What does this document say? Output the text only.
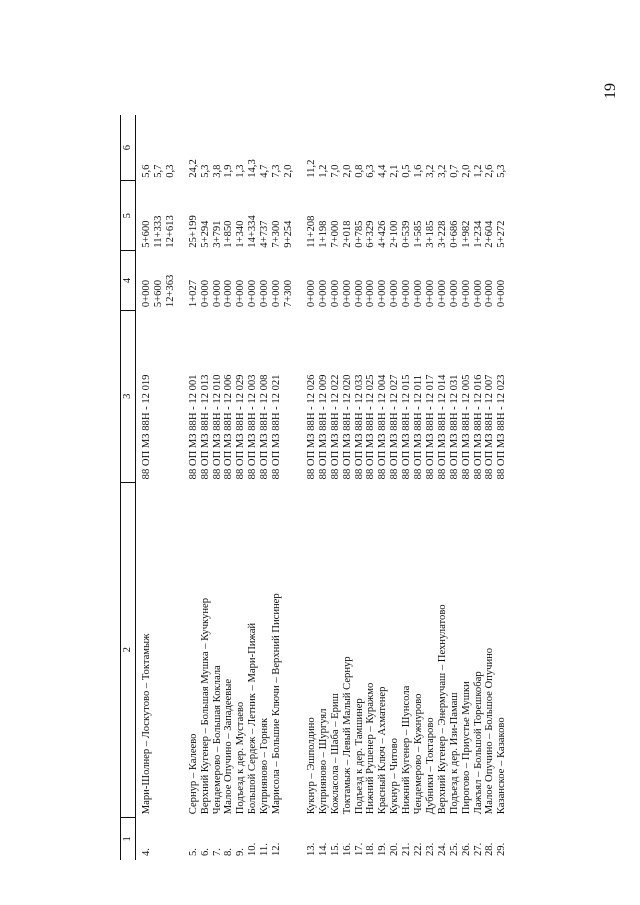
19
1	2	3	4	5	6
4.	Мари-Шолнер – Лоскутово – Токтамыж	88 ОП МЗ 88Н - 12 019	0+000	5+600	5,6
			5+600	11+333	5,7
			12+363	12+613	0,3

5.	Сернур – Калеево	88 ОП МЗ 88Н - 12 001	1+027	25+199	24,2
6.	Верхний Кугенер – Большая Мушка – Кучкунер	88 ОП МЗ 88Н - 12 013	0+000	5+294	5,3
7.	Чендемерово – Большая Коклала	88 ОП МЗ 88Н - 12 010	0+000	3+791	3,8
8.	Малое Опучино – Западеевые	88 ОП МЗ 88Н - 12 006	0+000	1+850	1,9
9.	Подъезд к дер. Мустаево	88 ОП МЗ 88Н - 12 029	0+000	1+340	1,3
10.	Большой Сердеж – Летник – Мари-Пижай	88 ОП МЗ 88Н - 12 003	0+000	14+334	14,3
11.	Куприяново – Горняк	88 ОП МЗ 88Н - 12 008	0+000	4+737	4,7
12.	Марисола – Большие Ключи – Верхний Писинер	88 ОП МЗ 88Н - 12 021	0+000	7+300	7,3
			7+300	9+254	2,0

13.	Кукнур – Эшполдино	88 ОП МЗ 88Н - 12 026	0+000	11+208	11,2
14.	Куприяново – Шургуял	88 ОП МЗ 88Н - 12 009	0+000	1+198	1,2
15.	Кожласола – Шаба – Ериш	88 ОП МЗ 88Н - 12 022	0+000	7+000	7,0
16.	Токтамыж – Левый Малый Сернур	88 ОП МЗ 88Н - 12 020	0+000	2+018	2,0
17.	Подъезд к дер. Тамшинер	88 ОП МЗ 88Н - 12 033	0+000	0+785	0,8
18.	Нижний Рушенер – Куражмо	88 ОП МЗ 88Н - 12 025	0+000	6+329	6,3
19.	Красный Ключ – Ахматенер	88 ОП МЗ 88Н - 12 004	0+000	4+426	4,4
20.	Кукнур – Читово	88 ОП МЗ 88Н - 12 027	0+000	2+100	2,1
21.	Нижний Кугенер – Шунсола	88 ОП МЗ 88Н - 12 015	0+000	0+539	0,5
22.	Чендемерово – Кужнурово	88 ОП МЗ 88Н - 12 011	0+000	1+585	1,6
23.	Дубники – Токтарово	88 ОП МЗ 88Н - 12 017	0+000	3+185	3,2
24.	Верхний Кугенер – Энермучаш – Пехнулатово	88 ОП МЗ 88Н - 12 014	0+000	3+228	3,2
25.	Подъезд к дер. Изи-Памаш	88 ОП МЗ 88Н - 12 031	0+000	0+686	0,7
26.	Пирогово – Приустье Мушки	88 ОП МЗ 88Н - 12 005	0+000	1+982	2,0
27.	Лажъял – Большой Торешкобар	88 ОП МЗ 88Н - 12 016	0+000	1+234	1,2
28.	Малое Опучино – Большое Опучино	88 ОП МЗ 88Н - 12 007	0+000	2+604	2,6
29.	Казанское – Казаково	88 ОП МЗ 88Н - 12 023	0+000	5+272	5,3
